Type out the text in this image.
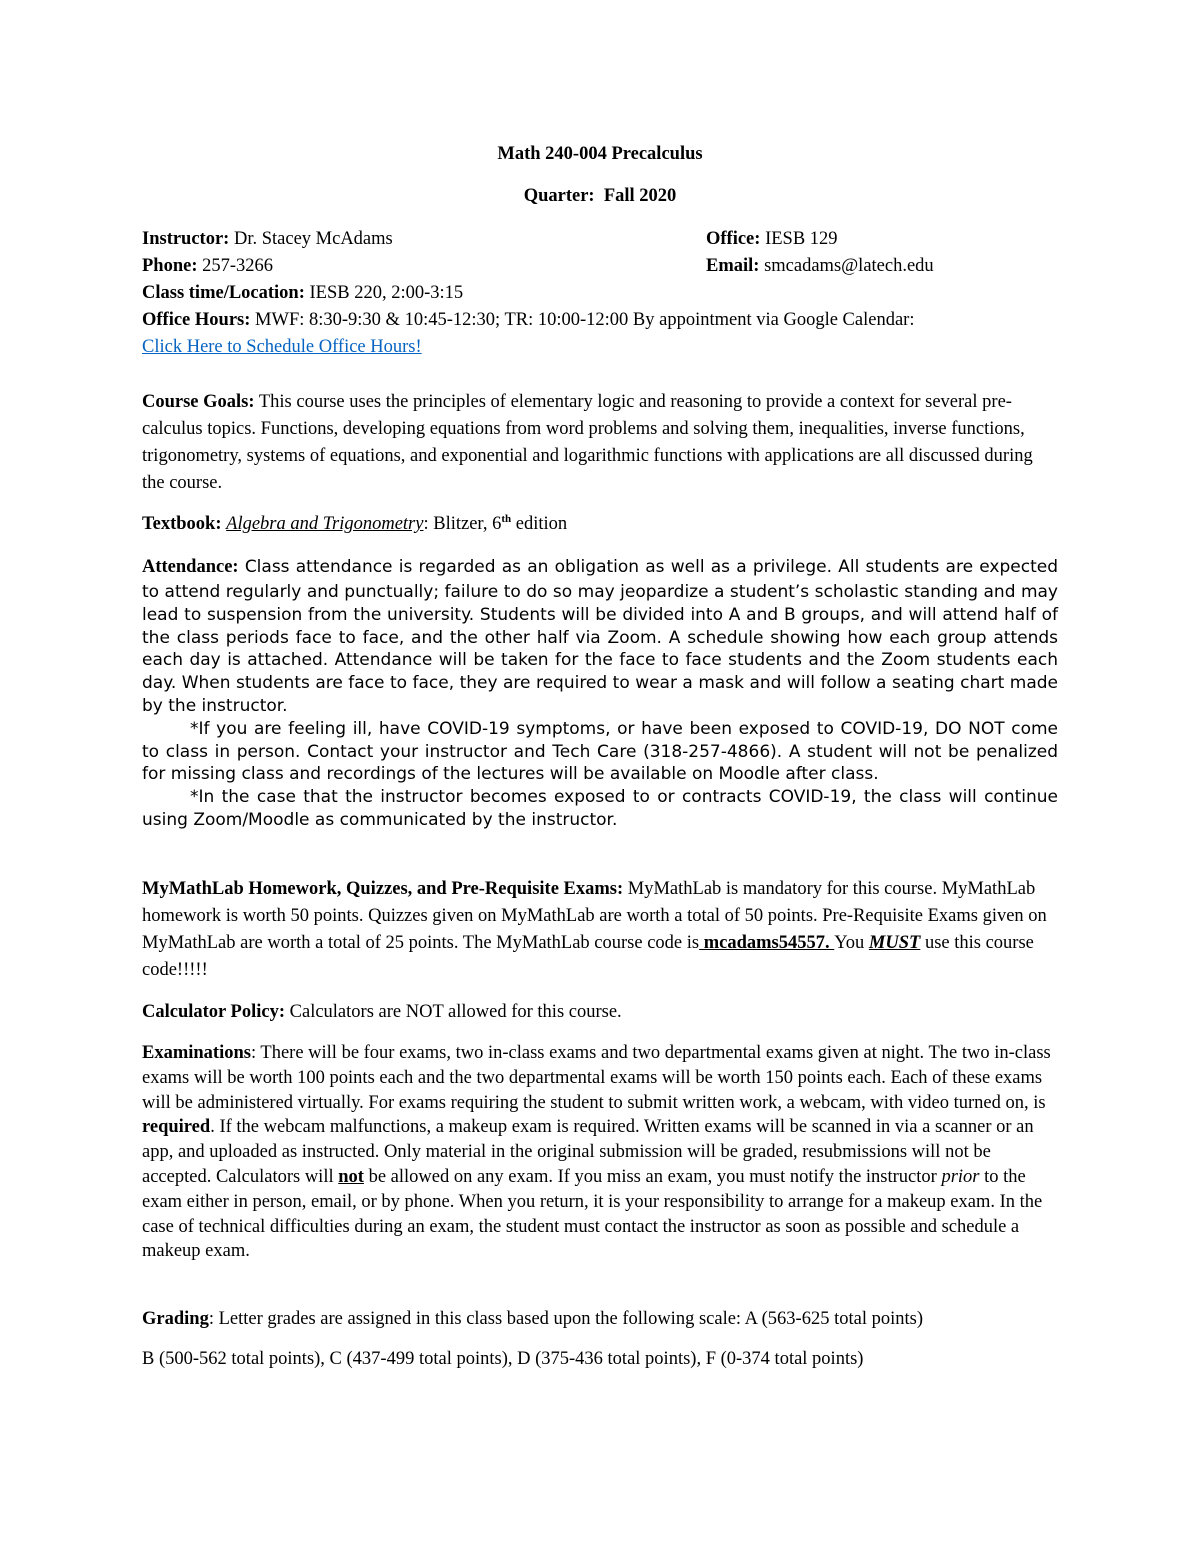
Math 240-004 Precalculus
Quarter: Fall 2020
Instructor: Dr. Stacey McAdams	Office: IESB 129
Phone: 257-3266	Email: smcadams@latech.edu
Class time/Location: IESB 220, 2:00-3:15
Office Hours: MWF: 8:30-9:30 & 10:45-12:30; TR: 10:00-12:00 By appointment via Google Calendar:
Click Here to Schedule Office Hours!

Course Goals: This course uses the principles of elementary logic and reasoning to provide a context for several pre-calculus topics. Functions, developing equations from word problems and solving them, inequalities, inverse functions, trigonometry, systems of equations, and exponential and logarithmic functions with applications are all discussed during the course.

Textbook: Algebra and Trigonometry: Blitzer, 6th edition

Attendance: Class attendance is regarded as an obligation as well as a privilege. All students are expected to attend regularly and punctually; failure to do so may jeopardize a student’s scholastic standing and may lead to suspension from the university. Students will be divided into A and B groups, and will attend half of the class periods face to face, and the other half via Zoom. A schedule showing how each group attends each day is attached. Attendance will be taken for the face to face students and the Zoom students each day. When students are face to face, they are required to wear a mask and will follow a seating chart made by the instructor.

*If you are feeling ill, have COVID-19 symptoms, or have been exposed to COVID-19, DO NOT come to class in person. Contact your instructor and Tech Care (318-257-4866). A student will not be penalized for missing class and recordings of the lectures will be available on Moodle after class.

*In the case that the instructor becomes exposed to or contracts COVID-19, the class will continue using Zoom/Moodle as communicated by the instructor.

MyMathLab Homework, Quizzes, and Pre-Requisite Exams: MyMathLab is mandatory for this course. MyMathLab homework is worth 50 points. Quizzes given on MyMathLab are worth a total of 50 points. Pre-Requisite Exams given on MyMathLab are worth a total of 25 points. The MyMathLab course code is mcadams54557. You MUST use this course code!!!!!

Calculator Policy: Calculators are NOT allowed for this course.

Examinations: There will be four exams, two in-class exams and two departmental exams given at night. The two in-class exams will be worth 100 points each and the two departmental exams will be worth 150 points each. Each of these exams will be administered virtually. For exams requiring the student to submit written work, a webcam, with video turned on, is required. If the webcam malfunctions, a makeup exam is required. Written exams will be scanned in via a scanner or an app, and uploaded as instructed. Only material in the original submission will be graded, resubmissions will not be accepted. Calculators will not be allowed on any exam. If you miss an exam, you must notify the instructor prior to the exam either in person, email, or by phone. When you return, it is your responsibility to arrange for a makeup exam. In the case of technical difficulties during an exam, the student must contact the instructor as soon as possible and schedule a makeup exam.

Grading: Letter grades are assigned in this class based upon the following scale: A (563-625 total points)
B (500-562 total points), C (437-499 total points), D (375-436 total points), F (0-374 total points)
